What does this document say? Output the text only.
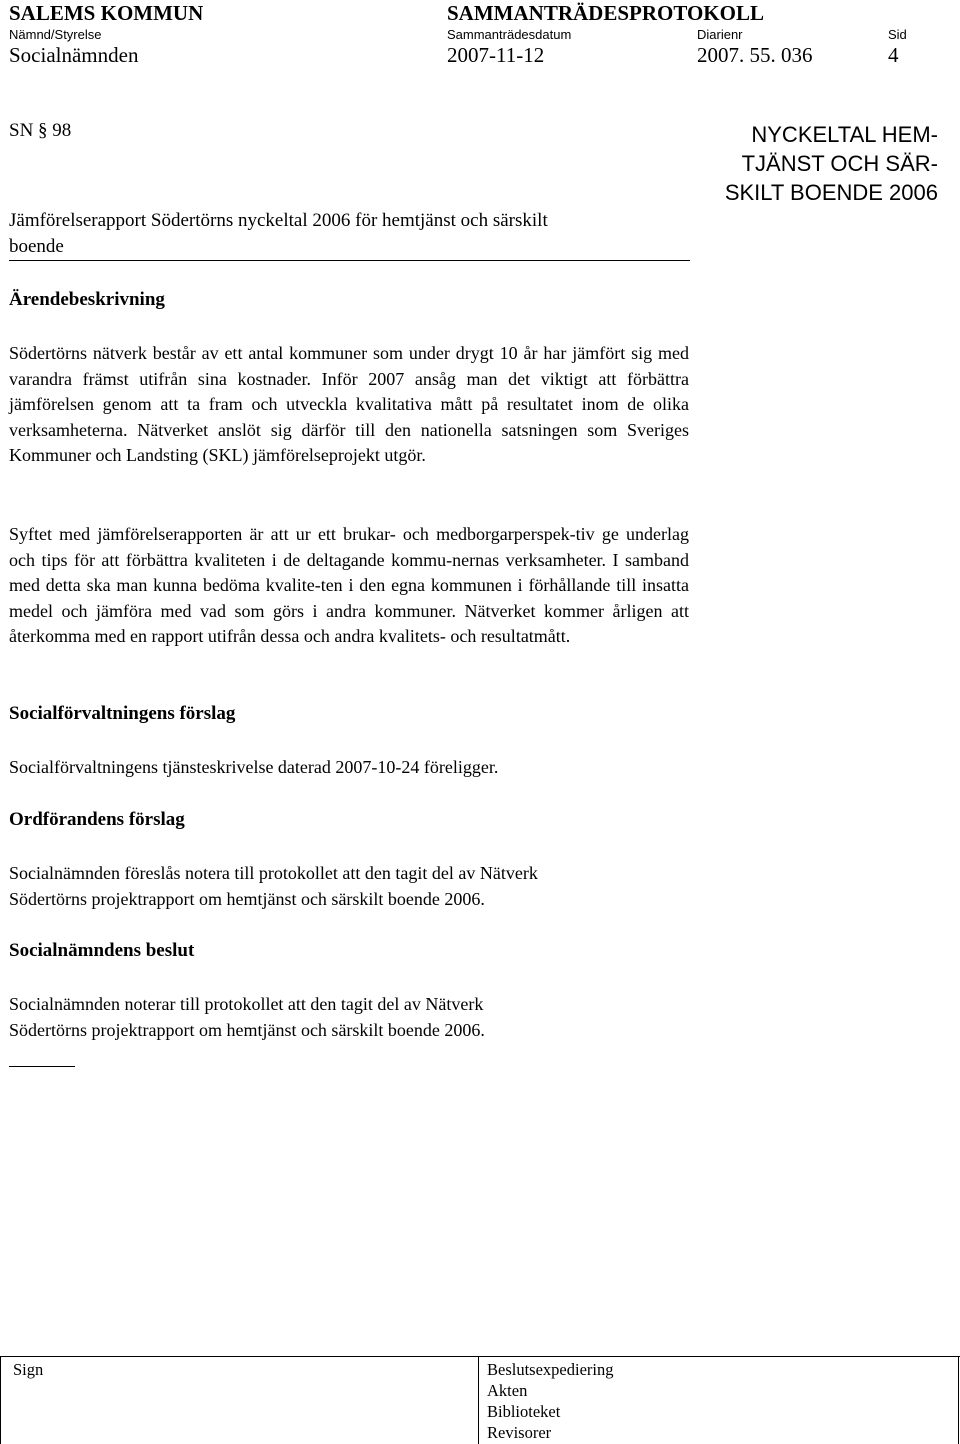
SALEMS KOMMUN	SAMMANTRÄDESPROTOKOLL
Nämnd/Styrelse	Sammanträdesdatum	Diarienr	Sid
Socialnämnden	2007-11-12	2007. 55. 036	4
SN § 98	NYCKELTAL HEM-
TJÄNST OCH SÄR-
SKILT BOENDE 2006
Jämförelserapport Södertörns nyckeltal 2006 för hemtjänst och särskilt
boende
Ärendebeskrivning
Södertörns nätverk består av ett antal kommuner som under drygt 10 år har jämfört sig med varandra främst utifrån sina kostnader. Inför 2007 ansåg man det viktigt att förbättra jämförelsen genom att ta fram och utveckla kvalitativa mått på resultatet inom de olika verksamheterna. Nätverket anslöt sig därför till den nationella satsningen som Sveriges Kommuner och Landsting (SKL) jämförelseprojekt utgör.
Syftet med jämförelserapporten är att ur ett brukar- och medborgarperspek-tiv ge underlag och tips för att förbättra kvaliteten i de deltagande kommu-nernas verksamheter. I samband med detta ska man kunna bedöma kvalite-ten i den egna kommunen i förhållande till insatta medel och jämföra med vad som görs i andra kommuner. Nätverket kommer årligen att återkomma med en rapport utifrån dessa och andra kvalitets- och resultatmått.
Socialförvaltningens förslag
Socialförvaltningens tjänsteskrivelse daterad 2007-10-24 föreligger.
Ordförandens förslag
Socialnämnden föreslås notera till protokollet att den tagit del av Nätverk
Södertörns projektrapport om hemtjänst och särskilt boende 2006.
Socialnämndens beslut
Socialnämnden noterar till protokollet att den tagit del av Nätverk
Södertörns projektrapport om hemtjänst och särskilt boende 2006.
Sign	Beslutsexpediering
Akten
Biblioteket
Revisorer
